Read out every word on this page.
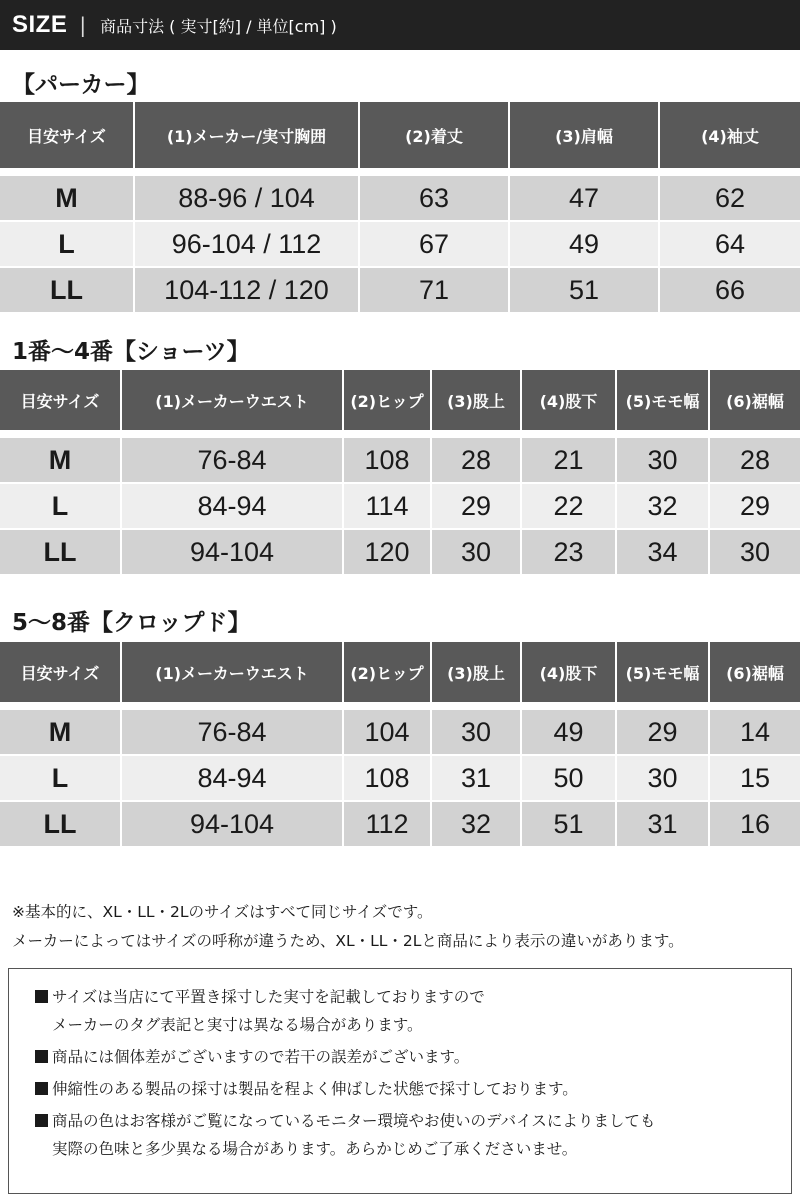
SIZE | 商品寸法 ( 実寸[約] / 単位[cm] )
【パーカー】
目安サイズ	(1)メーカー/実寸胸囲	(2)着丈	(3)肩幅	(4)袖丈
M	88-96 / 104	63	47	62
L	96-104 / 112	67	49	64
LL	104-112 / 120	71	51	66
1番〜4番【ショーツ】
目安サイズ	(1)メーカーウエスト	(2)ヒップ	(3)股上	(4)股下	(5)モモ幅	(6)裾幅
M	76-84	108	28	21	30	28
L	84-94	114	29	22	32	29
LL	94-104	120	30	23	34	30
5〜8番【クロップド】
目安サイズ	(1)メーカーウエスト	(2)ヒップ	(3)股上	(4)股下	(5)モモ幅	(6)裾幅
M	76-84	104	30	49	29	14
L	84-94	108	31	50	30	15
LL	94-104	112	32	51	31	16

※基本的に、XL・LL・2Lのサイズはすべて同じサイズです。

メーカーによってはサイズの呼称が違うため、XL・LL・2Lと商品により表示の違いがあります。

サイズは当店にて平置き採寸した実寸を記載しておりますので
メーカーのタグ表記と実寸は異なる場合があります。
商品には個体差がございますので若干の誤差がございます。
伸縮性のある製品の採寸は製品を程よく伸ばした状態で採寸しております。
商品の色はお客様がご覧になっているモニター環境やお使いのデバイスによりましても
実際の色味と多少異なる場合があります。あらかじめご了承くださいませ。
